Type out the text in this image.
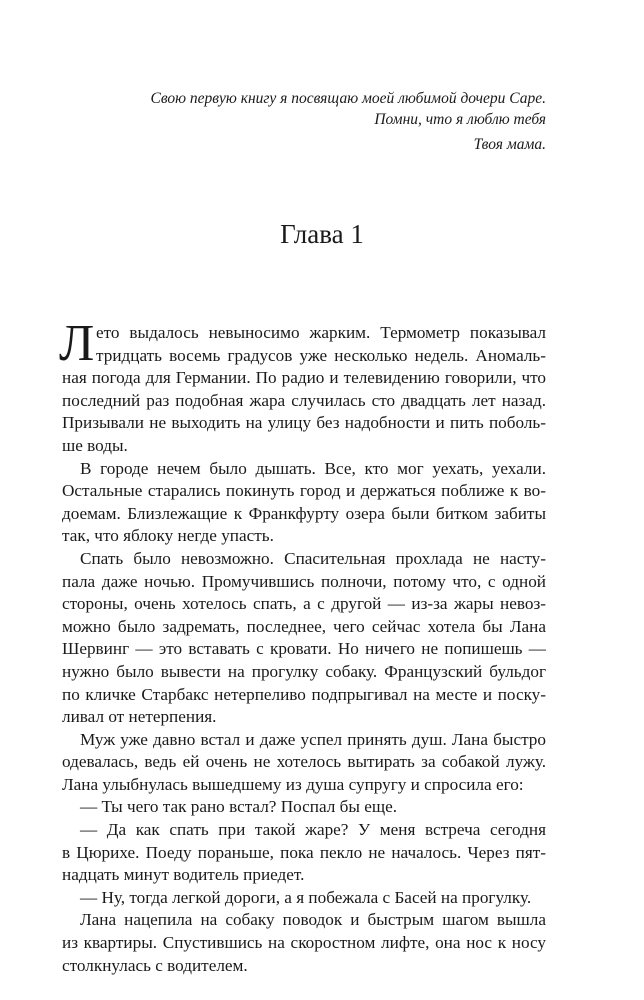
Свою первую книгу я посвящаю моей любимой дочери Саре.
Помни, что я люблю тебя
Твоя мама.
Глава 1
Л ето выдалось невыносимо жарким. Термометр показывал
тридцать восемь градусов уже несколько недель. Аномаль-
ная погода для Германии. По радио и телевидению говорили, что
последний раз подобная жара случилась сто двадцать лет назад.
Призывали не выходить на улицу без надобности и пить поболь-
ше воды.
В городе нечем было дышать. Все, кто мог уехать, уехали.
Остальные старались покинуть город и держаться поближе к во-
доемам. Близлежащие к Франкфурту озера были битком забиты
так, что яблоку негде упасть.
Спать было невозможно. Спасительная прохлада не насту-
пала даже ночью. Промучившись полночи, потому что, с одной
стороны, очень хотелось спать, а с другой — из-за жары невоз-
можно было задремать, последнее, чего сейчас хотела бы Лана
Шервинг — это вставать с кровати. Но ничего не попишешь —
нужно было вывести на прогулку собаку. Французский бульдог
по кличке Старбакс нетерпеливо подпрыгивал на месте и поску-
ливал от нетерпения.
Муж уже давно встал и даже успел принять душ. Лана быстро
одевалась, ведь ей очень не хотелось вытирать за собакой лужу.
Лана улыбнулась вышедшему из душа супругу и спросила его:
— Ты чего так рано встал? Поспал бы еще.
— Да как спать при такой жаре? У меня встреча сегодня
в Цюрихе. Поеду пораньше, пока пекло не началось. Через пят-
надцать минут водитель приедет.
— Ну, тогда легкой дороги, а я побежала с Басей на прогулку.
Лана нацепила на собаку поводок и быстрым шагом вышла
из квартиры. Спустившись на скоростном лифте, она нос к носу
столкнулась с водителем.
